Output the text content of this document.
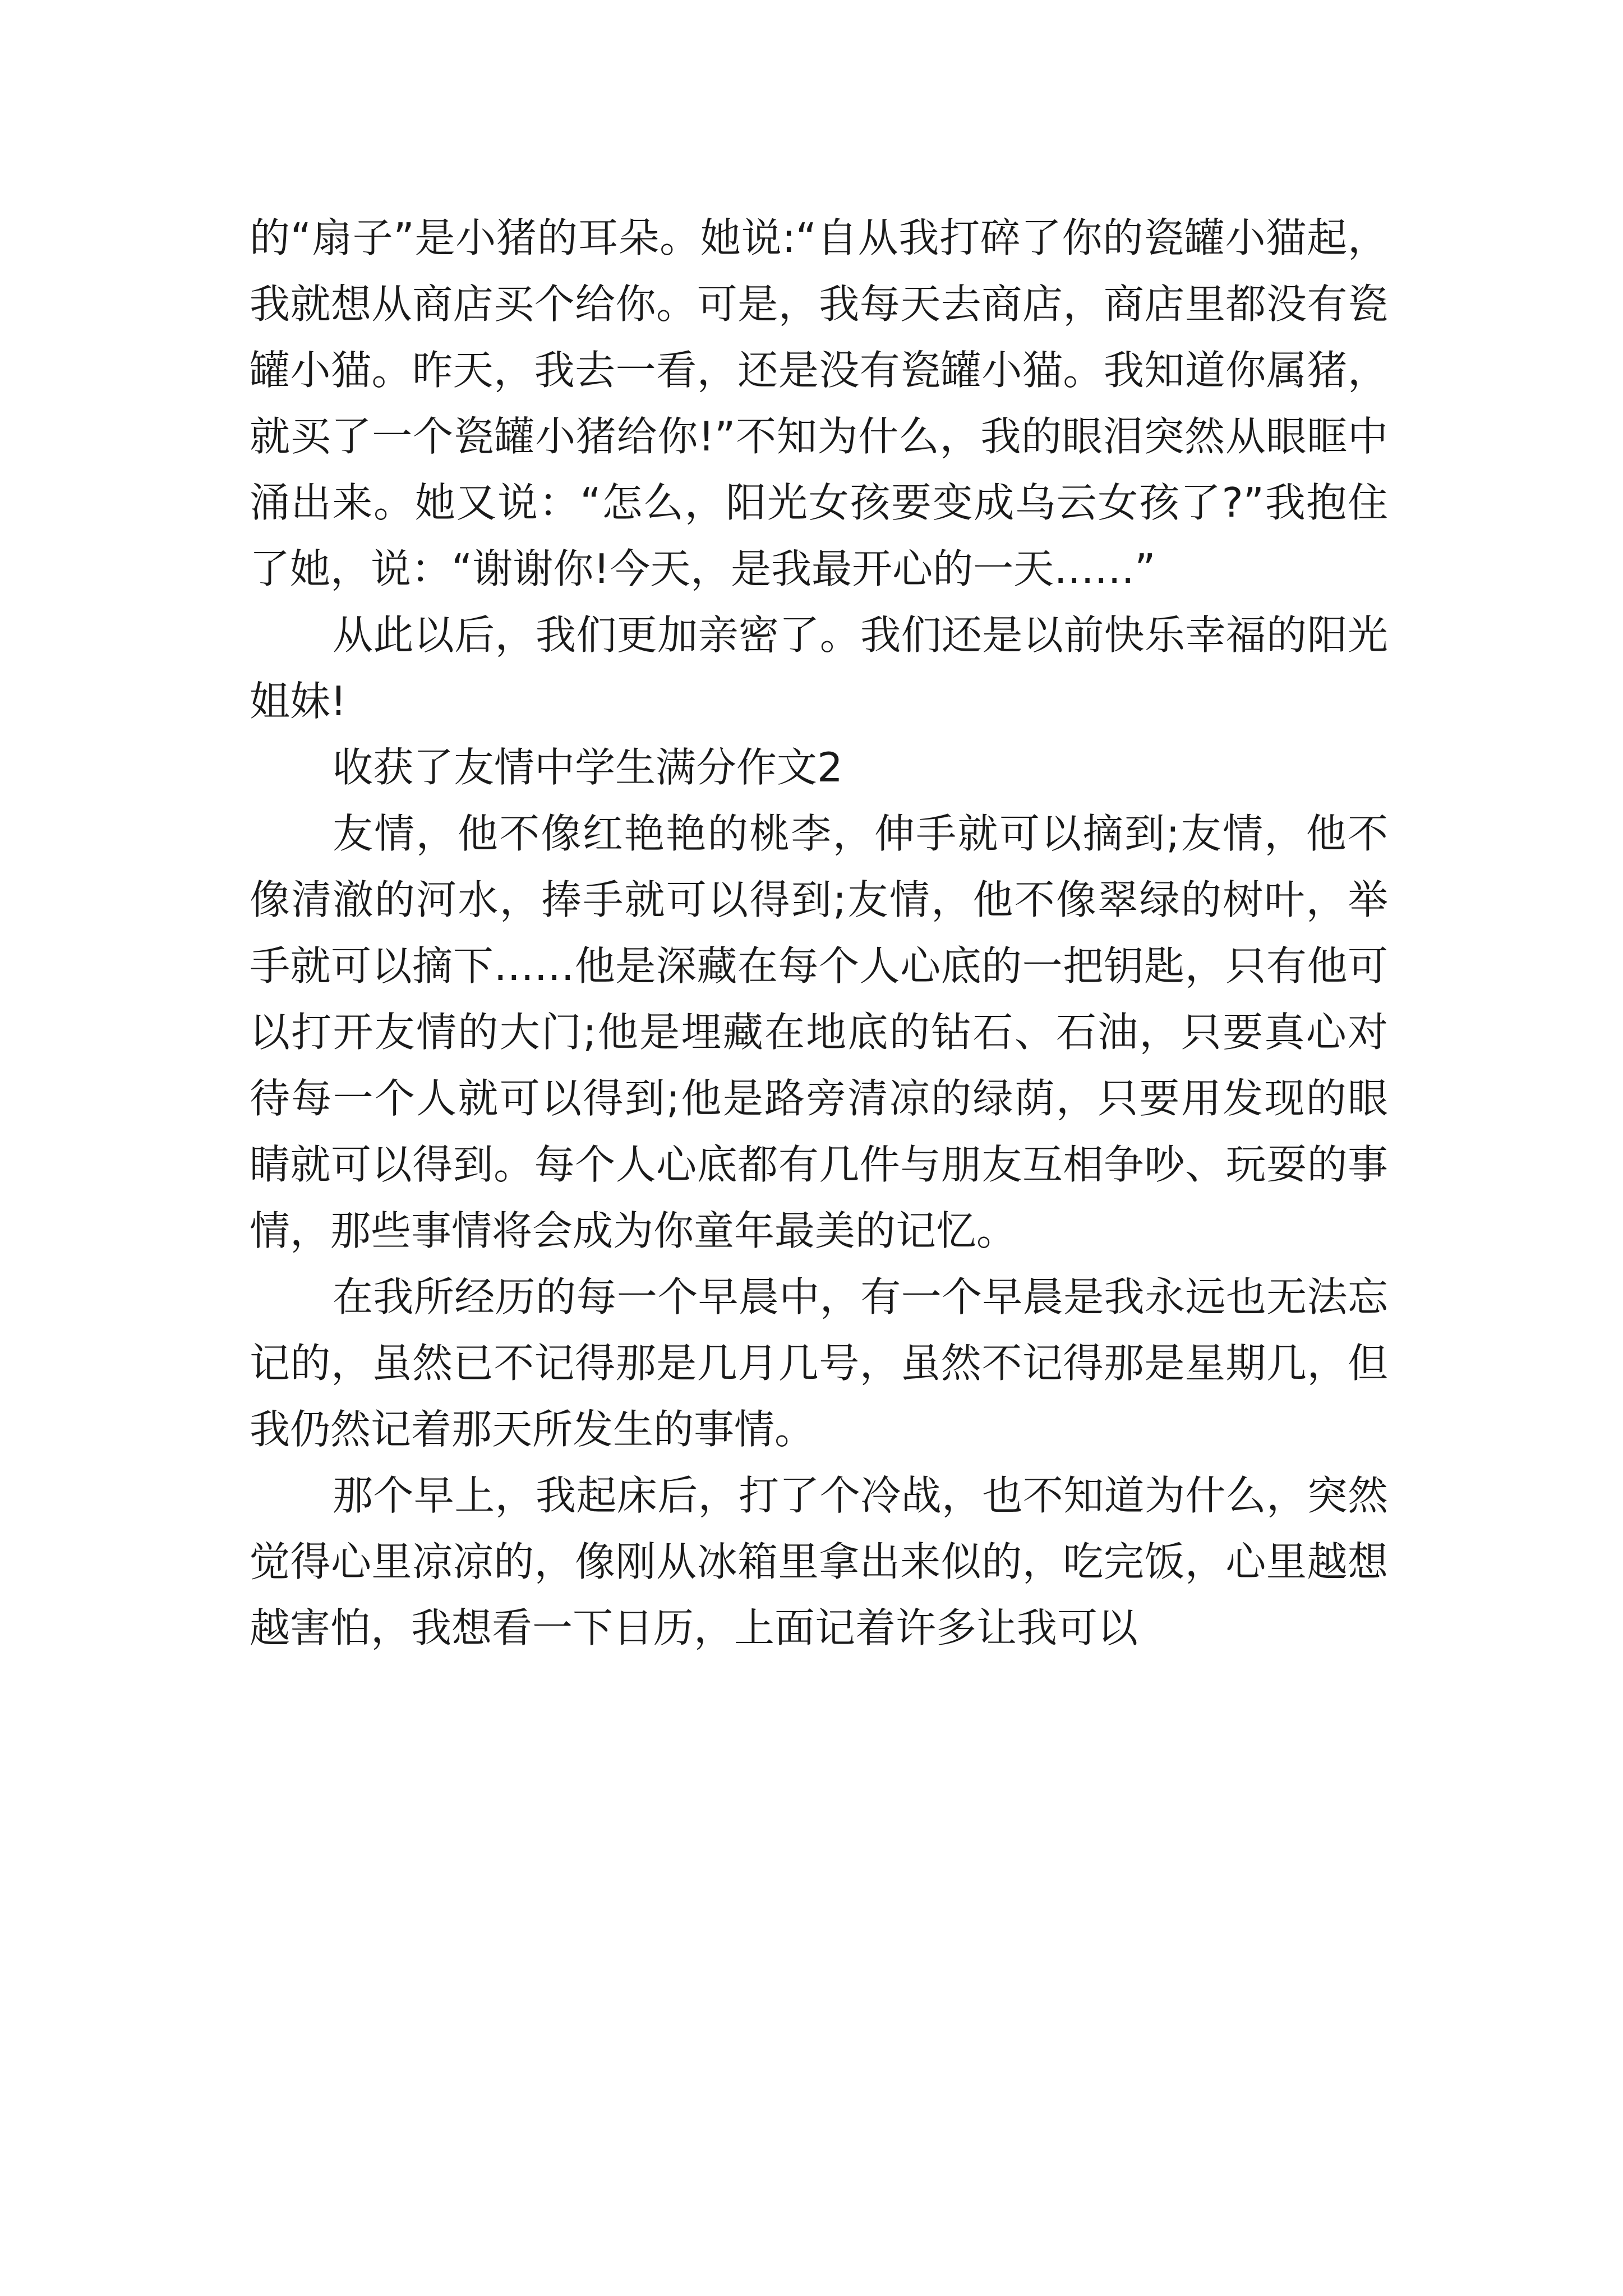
的“扇子”是小猪的耳朵。她说:“自从我打碎了你的瓷罐小猫起，我就想从商店买个给你。可是，我每天去商店，商店里都没有瓷罐小猫。昨天，我去一看，还是没有瓷罐小猫。我知道你属猪，就买了一个瓷罐小猪给你!”不知为什么，我的眼泪突然从眼眶中涌出来。她又说：“怎么，阳光女孩要变成乌云女孩了?”我抱住了她，说：“谢谢你!今天，是我最开心的一天……”

从此以后，我们更加亲密了。我们还是以前快乐幸福的阳光姐妹!

收获了友情中学生满分作文2

友情，他不像红艳艳的桃李，伸手就可以摘到;友情，他不像清澈的河水，捧手就可以得到;友情，他不像翠绿的树叶，举手就可以摘下……他是深藏在每个人心底的一把钥匙，只有他可以打开友情的大门;他是埋藏在地底的钻石、石油，只要真心对待每一个人就可以得到;他是路旁清凉的绿荫，只要用发现的眼睛就可以得到。每个人心底都有几件与朋友互相争吵、玩耍的事情，那些事情将会成为你童年最美的记忆。

在我所经历的每一个早晨中，有一个早晨是我永远也无法忘记的，虽然已不记得那是几月几号，虽然不记得那是星期几，但我仍然记着那天所发生的事情。

那个早上，我起床后，打了个冷战，也不知道为什么，突然觉得心里凉凉的，像刚从冰箱里拿出来似的，吃完饭，心里越想越害怕，我想看一下日历，上面记着许多让我可以
